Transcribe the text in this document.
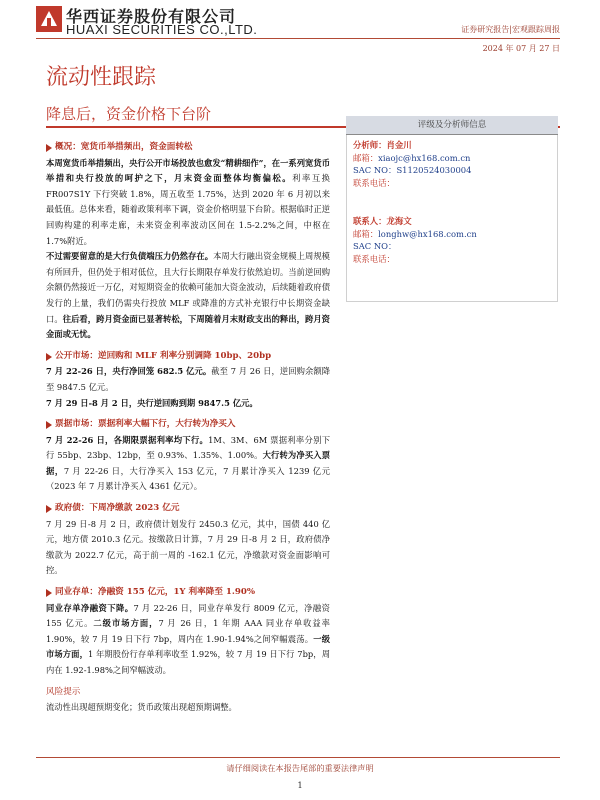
华西证券股份有限公司
HUAXI SECURITIES CO.,LTD.	证券研究报告|宏观跟踪周报
2024 年 07 月 27 日
流动性跟踪
降息后，资金价格下台阶

概况：宽货币举措频出，资金面转松

本周宽货币举措频出，央行公开市场投放也愈发“精耕细作”，在一系列宽货币举措和央行投放的呵护之下，月末资金面整体均衡偏松。利率互换 FR007S1Y 下行突破 1.8%，周五收至 1.75%，达到 2020 年 6 月初以来最低值。总体来看，随着政策利率下调，资金价格明显下台阶。根据临时正逆回购构建的利率走廊，未来资金利率波动区间在 1.5-2.2%之间，中枢在 1.7%附近。

不过需要留意的是大行负债端压力仍然存在。本周大行融出资金规模上周规模有所回升，但仍处于相对低位，且大行长期限存单发行依然迫切。当前逆回购余额仍然接近一万亿，对短期资金的依赖可能加大资金波动，后续随着政府债发行的上量，我们仍需央行投放 MLF 或降准的方式补充银行中长期资金缺口。往后看，跨月资金面已显著转松，下周随着月末财政支出的释出，跨月资金面或无忧。

公开市场：逆回购和 MLF 利率分别调降 10bp、20bp

7 月 22-26 日，央行净回笼 682.5 亿元。截至 7 月 26 日，逆回购余额降至 9847.5 亿元。

7 月 29 日-8 月 2 日，央行逆回购到期 9847.5 亿元。

票据市场：票据利率大幅下行，大行转为净买入

7 月 22-26 日，各期限票据利率均下行。1M、3M、6M 票据利率分别下行 55bp、23bp、12bp，至 0.93%、1.35%、1.00%。大行转为净买入票据，7 月 22-26 日，大行净买入 153 亿元，7 月累计净买入 1239 亿元（2023 年 7 月累计净买入 4361 亿元）。

政府债：下周净缴款 2023 亿元

7 月 29 日-8 月 2 日，政府债计划发行 2450.3 亿元，其中，国债 440 亿元，地方债 2010.3 亿元。按缴款日计算，7 月 29 日-8 月 2 日，政府债净缴款为 2022.7 亿元，高于前一周的 -162.1 亿元，净缴款对资金面影响可控。

同业存单：净融资 155 亿元，1Y 利率降至 1.90%

同业存单净融资下降。7 月 22-26 日，同业存单发行 8009 亿元，净融资 155 亿元。二级市场方面，7 月 26 日，1 年期 AAA 同业存单收益率 1.90%，较 7 月 19 日下行 7bp，周内在 1.90-1.94%之间窄幅震荡。一级市场方面，1 年期股份行存单利率收至 1.92%，较 7 月 19 日下行 7bp，周内在 1.92-1.98%之间窄幅波动。

风险提示

流动性出现超预期变化；货币政策出现超预期调整。

评级及分析师信息
分析师：肖金川
邮箱：xiaojc@hx168.com.cn
SAC NO：S1120524030004
联系电话：
联系人：龙海文
邮箱：longhw@hx168.com.cn
SAC NO：
联系电话：
请仔细阅读在本报告尾部的重要法律声明
1
